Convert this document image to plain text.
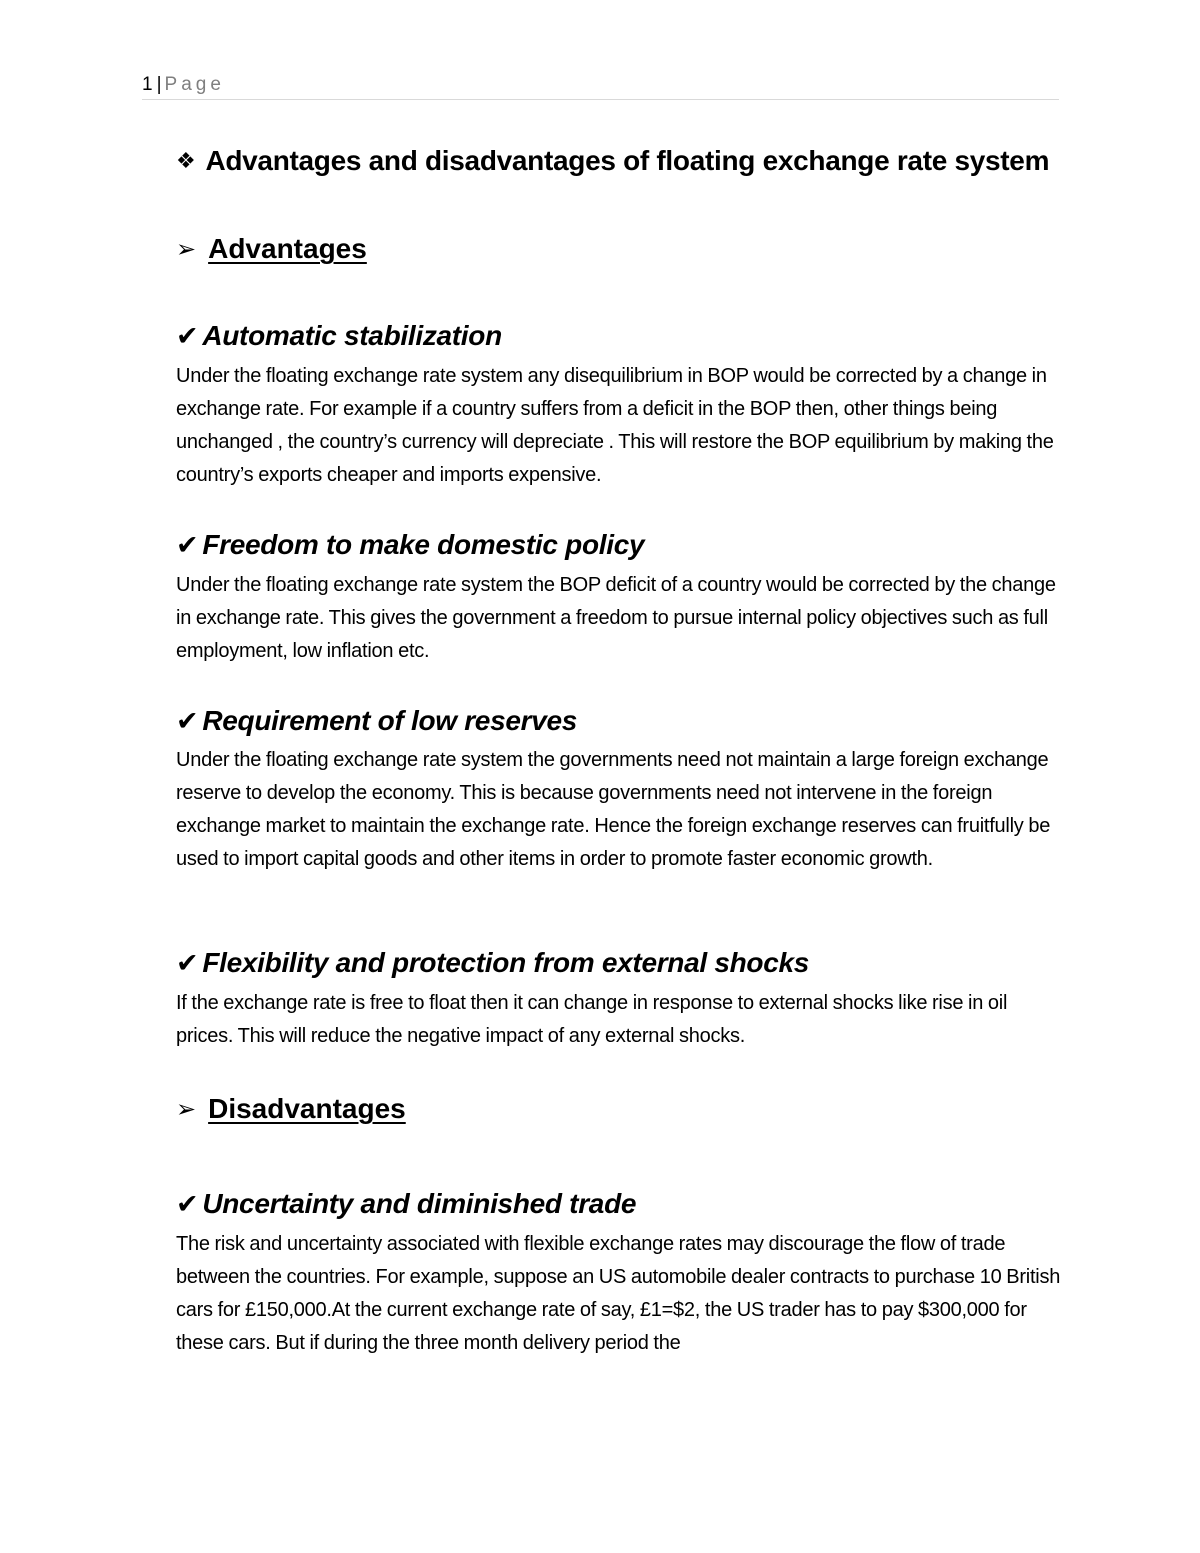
1 | Page
❖ Advantages and disadvantages of floating exchange rate system
➢ Advantages
✔ Automatic stabilization
Under the floating exchange rate system any disequilibrium in BOP would be corrected by a change in exchange rate. For example if a country suffers from a deficit in the BOP then, other things being unchanged , the country’s currency will depreciate . This will restore the BOP equilibrium by making the country’s exports cheaper and imports expensive.
✔ Freedom to make domestic policy
Under the floating exchange rate system the BOP deficit of a country would be corrected by the change in exchange rate. This gives the government a freedom to pursue internal policy objectives such as full employment, low inflation etc.
✔ Requirement of low reserves
Under the floating exchange rate system the governments need not maintain a large foreign exchange reserve to develop the economy. This is because governments need not intervene in the foreign exchange market to maintain the exchange rate. Hence the foreign exchange reserves can fruitfully be used to import capital goods and other items in order to promote faster economic growth.
✔ Flexibility and protection from external shocks
If the exchange rate is free to float then it can change in response to external shocks like rise in oil prices. This will reduce the negative impact of any external shocks.
➢ Disadvantages
✔ Uncertainty and diminished trade
The risk and uncertainty associated with flexible exchange rates may discourage the flow of trade between the countries. For example, suppose an US automobile dealer contracts to purchase 10 British cars for £150,000.At the current exchange rate of say, £1=$2, the US trader has to pay $300,000 for these cars. But if during the three month delivery period the
